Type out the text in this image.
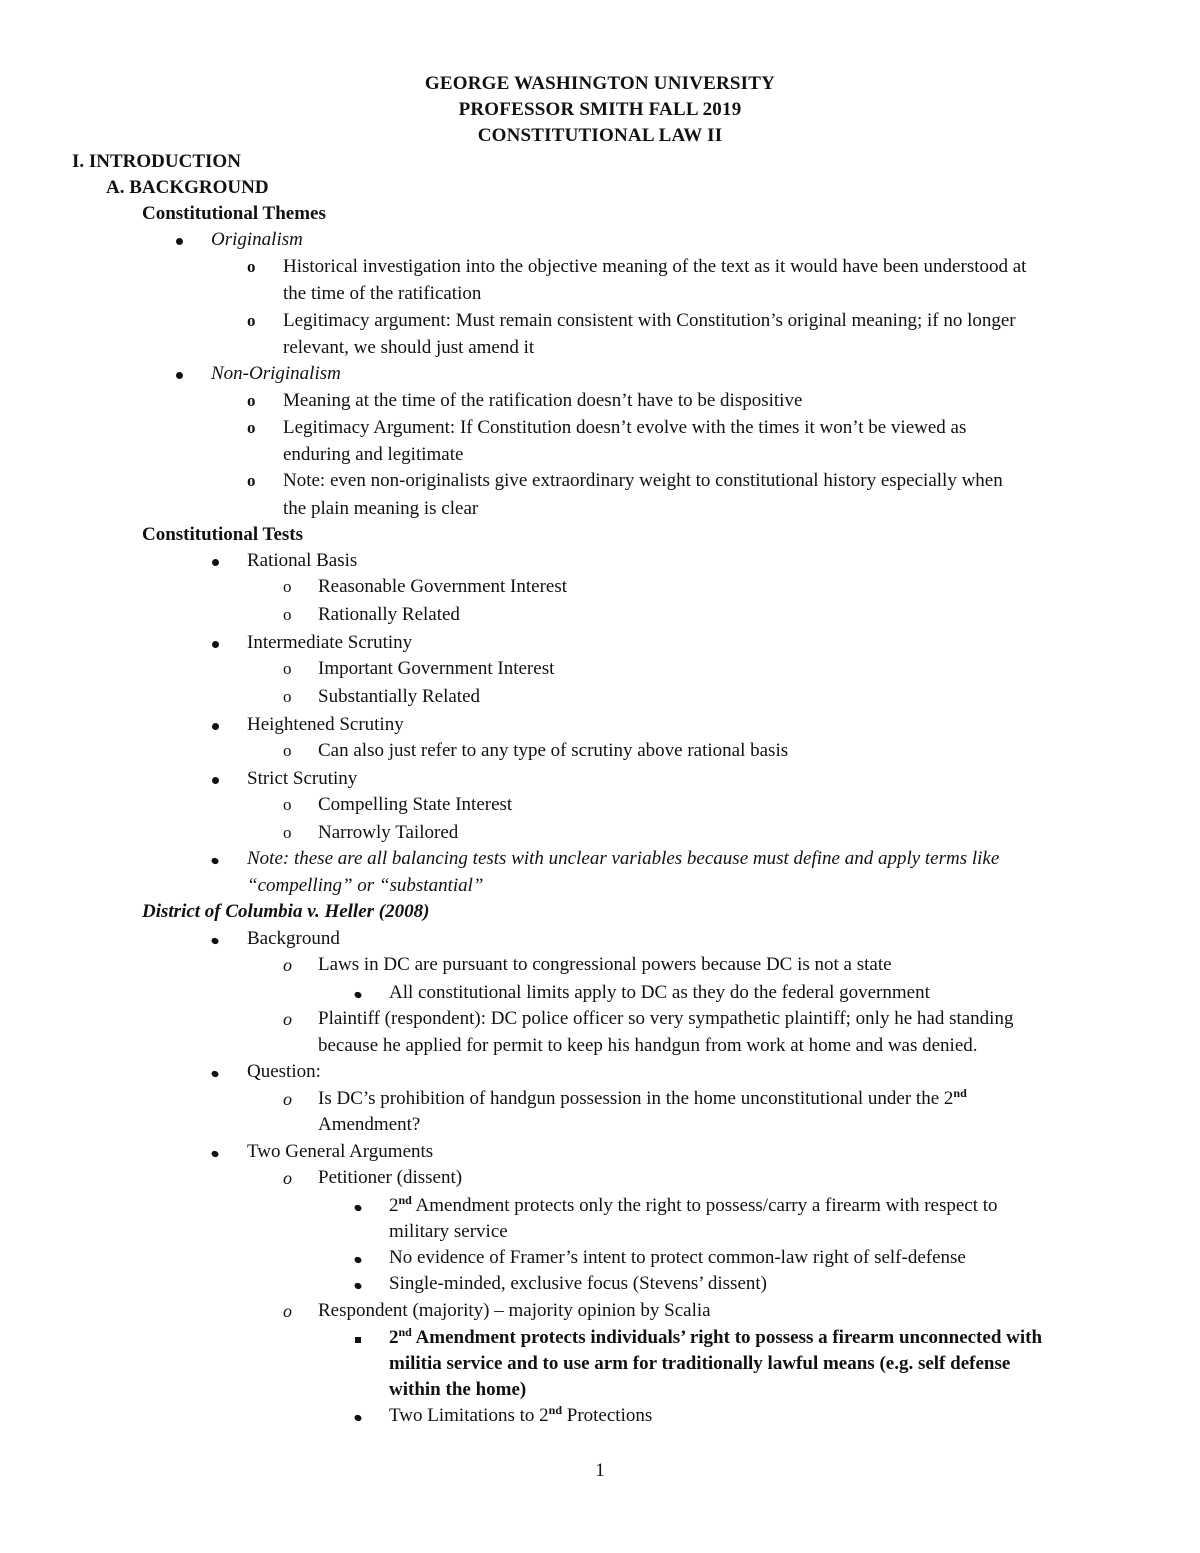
GEORGE WASHINGTON UNIVERSITY
PROFESSOR SMITH FALL 2019
CONSTITUTIONAL LAW II
I. INTRODUCTION
A. BACKGROUND
Constitutional Themes
Originalism
o Historical investigation into the objective meaning of the text as it would have been understood at
the time of the ratification
o Legitimacy argument: Must remain consistent with Constitution’s original meaning; if no longer
relevant, we should just amend it
Non-Originalism
o Meaning at the time of the ratification doesn’t have to be dispositive
o Legitimacy Argument: If Constitution doesn’t evolve with the times it won’t be viewed as
enduring and legitimate
o Note: even non-originalists give extraordinary weight to constitutional history especially when
the plain meaning is clear
Constitutional Tests
Rational Basis
o Reasonable Government Interest
o Rationally Related
Intermediate Scrutiny
o Important Government Interest
o Substantially Related
Heightened Scrutiny
o Can also just refer to any type of scrutiny above rational basis
Strict Scrutiny
o Compelling State Interest
o Narrowly Tailored
Note: these are all balancing tests with unclear variables because must define and apply terms like
“compelling” or “substantial”
District of Columbia v. Heller (2008)
Background
o Laws in DC are pursuant to congressional powers because DC is not a state
All constitutional limits apply to DC as they do the federal government
o Plaintiff (respondent): DC police officer so very sympathetic plaintiff; only he had standing
because he applied for permit to keep his handgun from work at home and was denied.
Question:
o Is DC’s prohibition of handgun possession in the home unconstitutional under the 2nd
Amendment?
Two General Arguments
o Petitioner (dissent)
2nd Amendment protects only the right to possess/carry a firearm with respect to
military service
No evidence of Framer’s intent to protect common-law right of self-defense
Single-minded, exclusive focus (Stevens’ dissent)
o Respondent (majority) – majority opinion by Scalia
2nd Amendment protects individuals’ right to possess a firearm unconnected with
militia service and to use arm for traditionally lawful means (e.g. self defense
within the home)
Two Limitations to 2nd Protections
1
